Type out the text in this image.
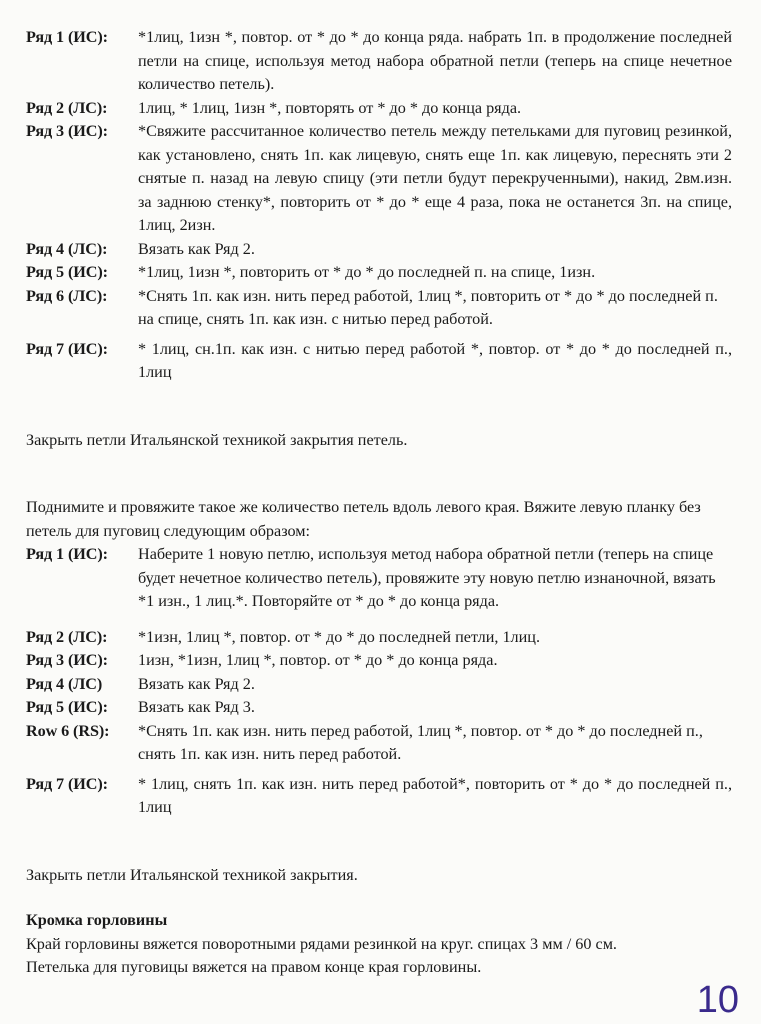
Ряд 1 (ИС):	*1лиц, 1изн *, повтор. от * до * до конца ряда. набрать 1п. в продолжение последней петли на спице, используя метод набора обратной петли (теперь на спице нечетное количество петель).
Ряд 2 (ЛС):	1лиц, * 1лиц, 1изн *, повторять от * до * до конца ряда.
Ряд 3 (ИС):	*Свяжите рассчитанное количество петель между петельками для пуговиц резинкой, как установлено, снять 1п. как лицевую, снять еще 1п. как лицевую, переснять эти 2 снятые п. назад на левую спицу (эти петли будут перекрученными), накид, 2вм.изн. за заднюю стенку*, повторить от * до * еще 4 раза, пока не останется 3п. на спице, 1лиц, 2изн.
Ряд 4 (ЛС):	Вязать как Ряд 2.
Ряд 5 (ИС):	*1лиц, 1изн *, повторить от * до * до последней п. на спице, 1изн.
Ряд 6 (ЛС):	*Снять 1п. как изн. нить перед работой, 1лиц *, повторить от * до * до последней п. на спице, снять 1п. как изн. с нитью перед работой.
Ряд 7 (ИС):	* 1лиц, сн.1п. как изн. с нитью перед работой *, повтор. от * до * до последней п., 1лиц

Закрыть петли Итальянской техникой закрытия петель.

Поднимите и провяжите такое же количество петель вдоль левого края. Вяжите левую планку без петель для пуговиц следующим образом:

Ряд 1 (ИС):	Наберите 1 новую петлю, используя метод набора обратной петли (теперь на спице будет нечетное количество петель), провяжите эту новую петлю изнаночной, вязать
*1 изн., 1 лиц.*. Повторяйте от * до * до конца ряда.
Ряд 2 (ЛС):	*1изн, 1лиц *, повтор. от * до * до последней петли, 1лиц.
Ряд 3 (ИС):	1изн, *1изн, 1лиц *, повтор. от * до * до конца ряда.
Ряд 4 (ЛС)	Вязать как Ряд 2.
Ряд 5 (ИС):	Вязать как Ряд 3.
Row 6 (RS):	*Снять 1п. как изн. нить перед работой, 1лиц *, повтор. от * до * до последней п., снять 1п. как изн. нить перед работой.
Ряд 7 (ИС):	* 1лиц, снять 1п. как изн. нить перед работой*, повторить от * до * до последней п., 1лиц

Закрыть петли Итальянской техникой закрытия.

Кромка горловины

Край горловины вяжется поворотными рядами резинкой на круг. спицах 3 мм / 60 см.

Петелька для пуговицы вяжется на правом конце края горловины.

10
